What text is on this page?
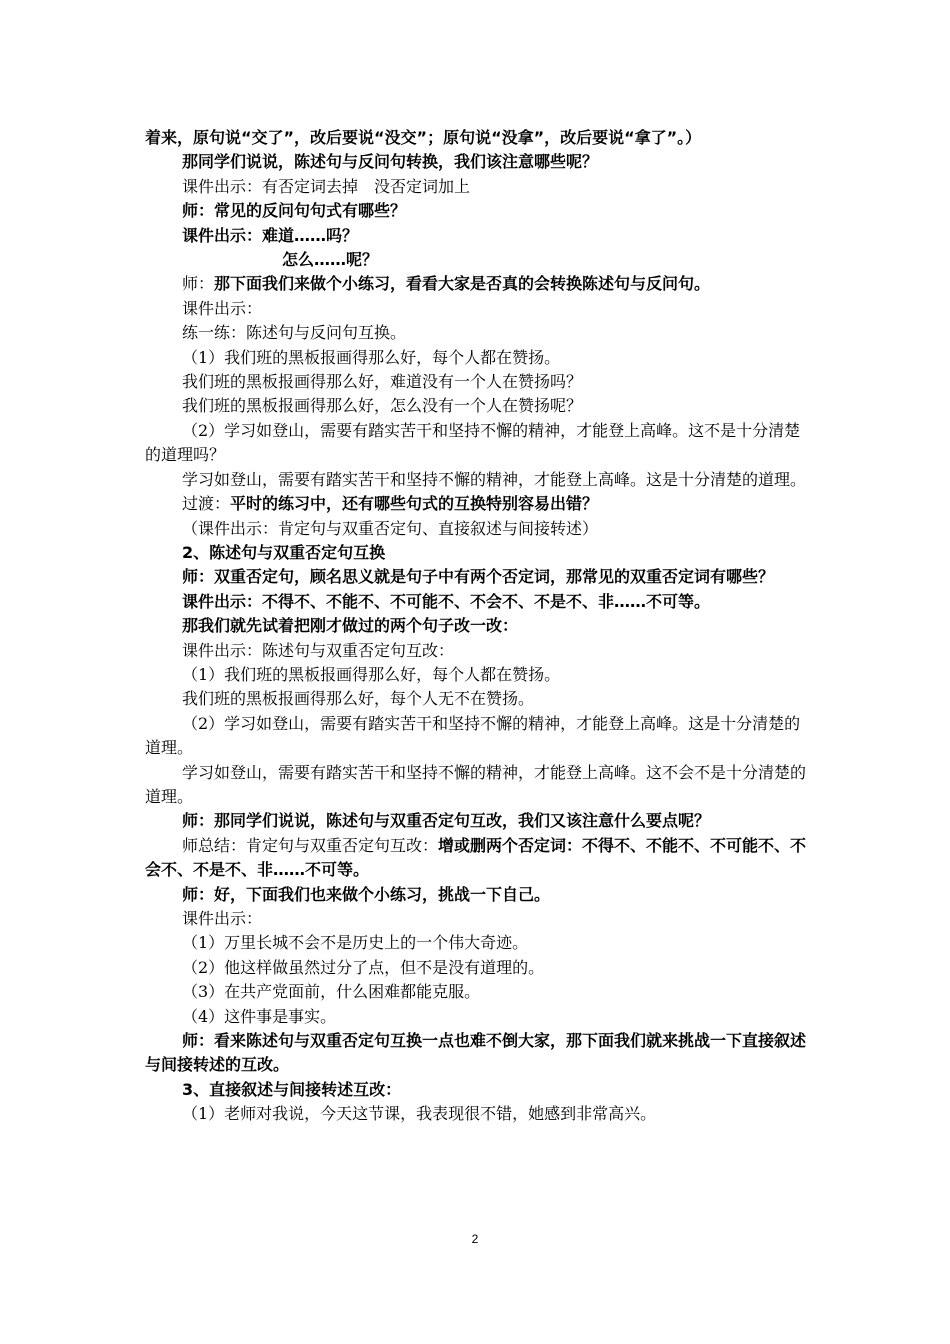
着来，原句说“交了”，改后要说“没交”；原句说“没拿”，改后要说“拿了”。）

那同学们说说，陈述句与反问句转换，我们该注意哪些呢？

课件出示：有否定词去掉　没否定词加上

师：常见的反问句句式有哪些？

课件出示：难道……吗？

怎么……呢？

师：那下面我们来做个小练习，看看大家是否真的会转换陈述句与反问句。

课件出示：

练一练：陈述句与反问句互换。

（1）我们班的黑板报画得那么好，每个人都在赞扬。

我们班的黑板报画得那么好，难道没有一个人在赞扬吗？

我们班的黑板报画得那么好，怎么没有一个人在赞扬呢？

（2）学习如登山，需要有踏实苦干和坚持不懈的精神，才能登上高峰。这不是十分清楚的道理吗？

学习如登山，需要有踏实苦干和坚持不懈的精神，才能登上高峰。这是十分清楚的道理。

过渡：平时的练习中，还有哪些句式的互换特别容易出错？

（课件出示：肯定句与双重否定句、直接叙述与间接转述）

2、陈述句与双重否定句互换

师：双重否定句，顾名思义就是句子中有两个否定词，那常见的双重否定词有哪些？

课件出示：不得不、不能不、不可能不、不会不、不是不、非……不可等。

那我们就先试着把刚才做过的两个句子改一改：

课件出示：陈述句与双重否定句互改：

（1）我们班的黑板报画得那么好，每个人都在赞扬。

我们班的黑板报画得那么好，每个人无不在赞扬。

（2）学习如登山，需要有踏实苦干和坚持不懈的精神，才能登上高峰。这是十分清楚的道理。

学习如登山，需要有踏实苦干和坚持不懈的精神，才能登上高峰。这不会不是十分清楚的道理。

师：那同学们说说，陈述句与双重否定句互改，我们又该注意什么要点呢？

师总结：肯定句与双重否定句互改：增或删两个否定词：不得不、不能不、不可能不、不会不、不是不、非……不可等。

师：好，下面我们也来做个小练习，挑战一下自己。

课件出示：

（1）万里长城不会不是历史上的一个伟大奇迹。

（2）他这样做虽然过分了点，但不是没有道理的。

（3）在共产党面前，什么困难都能克服。

（4）这件事是事实。

师：看来陈述句与双重否定句互换一点也难不倒大家，那下面我们就来挑战一下直接叙述与间接转述的互改。

3、直接叙述与间接转述互改：

（1）老师对我说，今天这节课，我表现很不错，她感到非常高兴。

2
